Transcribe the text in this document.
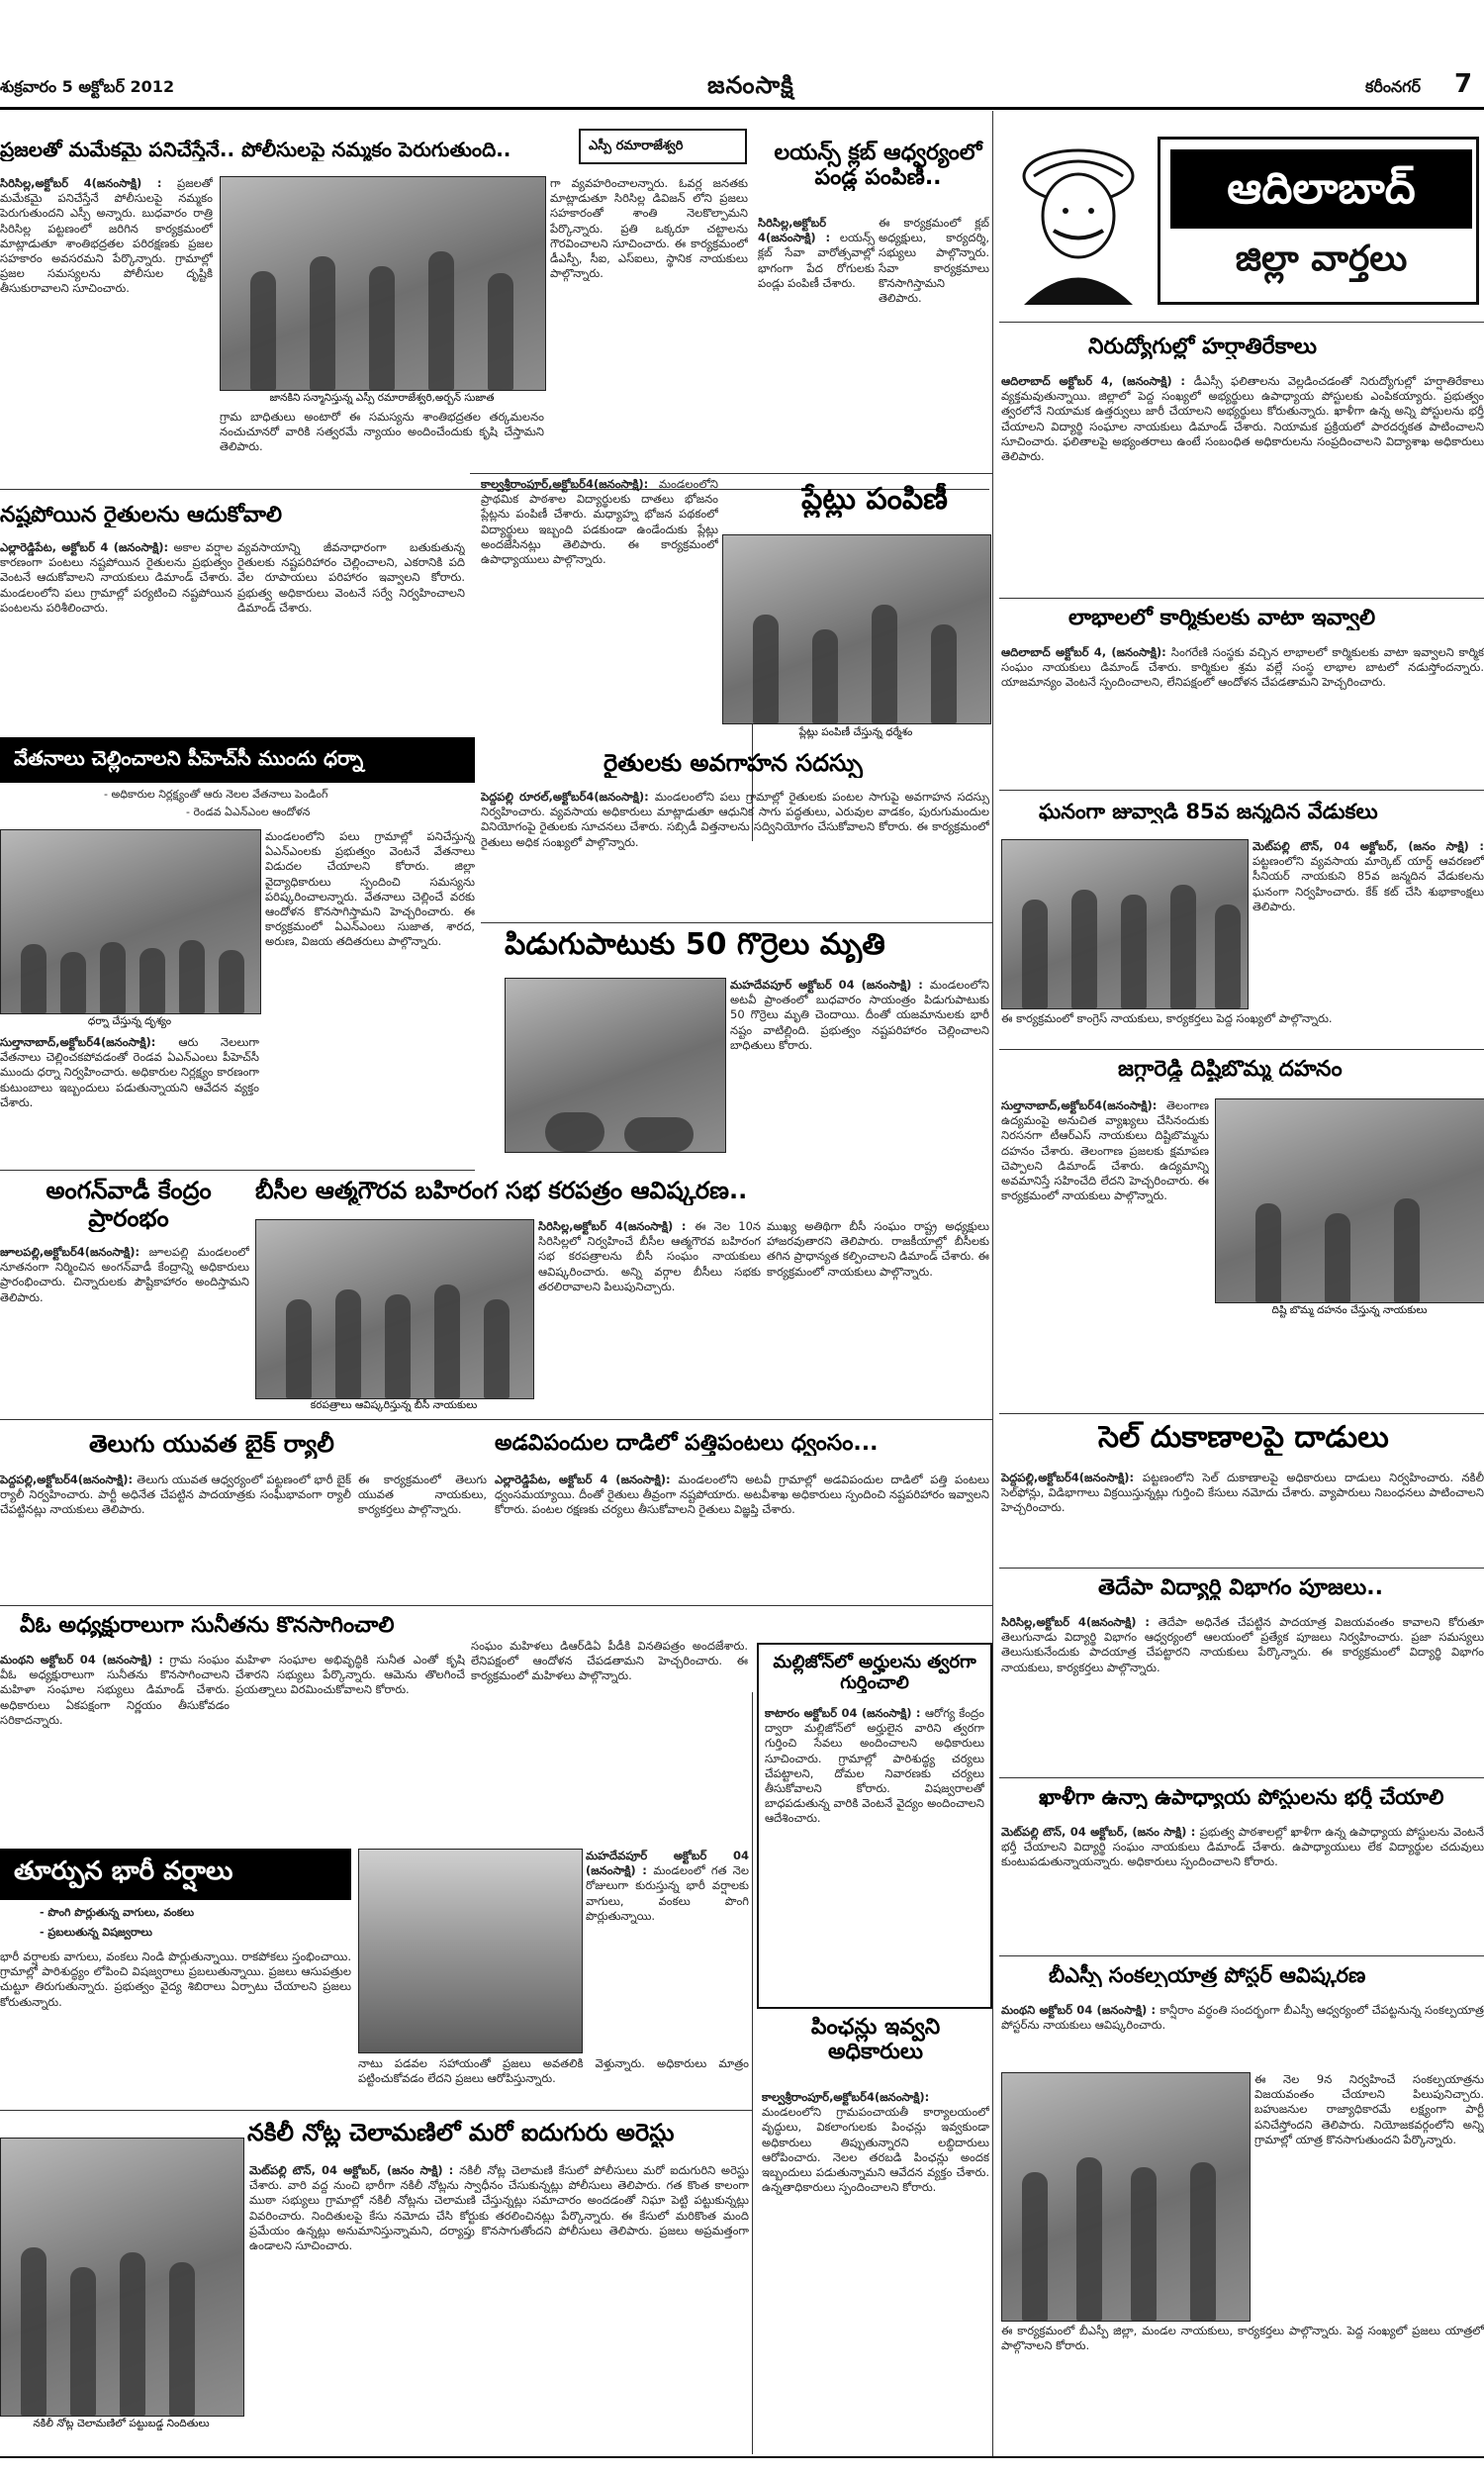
శుక్రవారం 5 అక్టోబర్ 2012	జనంసాక్షి	కరీంనగర్ 7
ప్రజలతో మమేకమై పనిచేస్తేనే.. పోలీసులపై నమ్మకం పెరుగుతుంది..	ఎస్పీ రమారాజేశ్వరి
సిరిసిల్ల,అక్టోబర్ 4(జనంసాక్షి) : ప్రజలతో మమేకమై పనిచేస్తేనే పోలీసులపై నమ్మకం పెరుగుతుందని ఎస్పీ అన్నారు. బుధవారం రాత్రి సిరిసిల్ల పట్టణంలో జరిగిన కార్యక్రమంలో మాట్లాడుతూ శాంతిభద్రతల పరిరక్షణకు ప్రజల సహకారం అవసరమని పేర్కొన్నారు. గ్రామాల్లో ప్రజల సమస్యలను పోలీసుల దృష్టికి తీసుకురావాలని సూచించారు.
జానకిని సన్మానిస్తున్న ఎస్పీ రమారాజేశ్వరి,అర్బన్ సుజాత
గా వ్యవహరించాలన్నారు. ఓవర్ల జనతకు మాట్లాడుతూ సిరిసిల్ల డివిజన్ లోని ప్రజలు సహకారంతో శాంతి నెలకొల్పామని పేర్కొన్నారు. ప్రతి ఒక్కరూ చట్టాలను గౌరవించాలని సూచించారు. ఈ కార్యక్రమంలో డీఎస్పీ, సీఐ, ఎస్ఐలు, స్థానిక నాయకులు పాల్గొన్నారు.
గ్రామ బాధితులు అంటారో ఈ సమస్యను శాంతిభద్రతల తర్కమలనం నంచుచూనరో వారికి సత్వరమే న్యాయం అందించేందుకు కృషి చేస్తామని తెలిపారు.
నష్టపోయిన రైతులను ఆదుకోవాలి
ఎల్లారెడ్డిపేట, అక్టోబర్ 4 (జనంసాక్షి): అకాల వర్షాల కారణంగా పంటలు నష్టపోయిన రైతులను ప్రభుత్వం వెంటనే ఆదుకోవాలని నాయకులు డిమాండ్ చేశారు. మండలంలోని పలు గ్రామాల్లో పర్యటించి నష్టపోయిన పంటలను పరిశీలించారు.
వ్యవసాయాన్ని జీవనాధారంగా బతుకుతున్న రైతులకు నష్టపరిహారం చెల్లించాలని, ఎకరానికి పది వేల రూపాయలు పరిహారం ఇవ్వాలని కోరారు. ప్రభుత్వ అధికారులు వెంటనే సర్వే నిర్వహించాలని డిమాండ్ చేశారు.
వేతనాలు చెల్లించాలని పీహెచ్‌సీ ముందు ధర్నా
- అధికారుల నిర్లక్ష్యంతో ఆరు నెలల వేతనాలు పెండింగ్
- రెండవ ఏఎన్ఎంల ఆందోళన
ధర్నా చేస్తున్న దృశ్యం
సుల్తానాబాద్,అక్టోబర్4(జనంసాక్షి): ఆరు నెలలుగా వేతనాలు చెల్లించకపోవడంతో రెండవ ఏఎన్ఎంలు పీహెచ్‌సీ ముందు ధర్నా నిర్వహించారు. అధికారుల నిర్లక్ష్యం కారణంగా కుటుంబాలు ఇబ్బందులు పడుతున్నాయని ఆవేదన వ్యక్తం చేశారు.
మండలంలోని పలు గ్రామాల్లో పనిచేస్తున్న ఏఎన్ఎంలకు ప్రభుత్వం వెంటనే వేతనాలు విడుదల చేయాలని కోరారు. జిల్లా వైద్యాధికారులు స్పందించి సమస్యను పరిష్కరించాలన్నారు. వేతనాలు చెల్లించే వరకు ఆందోళన కొనసాగిస్తామని హెచ్చరించారు. ఈ కార్యక్రమంలో ఏఎన్ఎంలు సుజాత, శారద, అరుణ, విజయ తదితరులు పాల్గొన్నారు.
కాల్వశ్రీరాంపూర్,అక్టోబర్4(జనంసాక్షి): మండలంలోని ప్రాథమిక పాఠశాల విద్యార్థులకు దాతలు భోజనం ప్లేట్లను పంపిణీ చేశారు. మధ్యాహ్న భోజన పథకంలో విద్యార్థులు ఇబ్బంది పడకుండా ఉండేందుకు ప్లేట్లు అందజేసినట్లు తెలిపారు. ఈ కార్యక్రమంలో ఉపాధ్యాయులు పాల్గొన్నారు.
లయన్స్ క్లబ్ ఆధ్వర్యంలో పండ్ల పంపిణీ..
సిరిసిల్ల,అక్టోబర్ 4(జనంసాక్షి) : లయన్స్ క్లబ్ సేవా వారోత్సవాల్లో భాగంగా పేద రోగులకు పండ్లు పంపిణీ చేశారు.
ఈ కార్యక్రమంలో క్లబ్ అధ్యక్షులు, కార్యదర్శి, సభ్యులు పాల్గొన్నారు. సేవా కార్యక్రమాలు కొనసాగిస్తామని తెలిపారు.
ప్లేట్లు పంపిణీ
ప్లేట్లు పంపిణీ చేస్తున్న ధర్మేశం
రైతులకు అవగాహన సదస్సు
పెద్దపల్లి రూరల్,అక్టోబర్4(జనంసాక్షి): మండలంలోని పలు గ్రామాల్లో రైతులకు పంటల సాగుపై అవగాహన సదస్సు నిర్వహించారు. వ్యవసాయ అధికారులు మాట్లాడుతూ ఆధునిక సాగు పద్ధతులు, ఎరువుల వాడకం, పురుగుమందుల వినియోగంపై రైతులకు సూచనలు చేశారు. సబ్సిడీ విత్తనాలను సద్వినియోగం చేసుకోవాలని కోరారు. ఈ కార్యక్రమంలో రైతులు అధిక సంఖ్యలో పాల్గొన్నారు.
పిడుగుపాటుకు 50 గొర్రెలు మృతి
మహదేవపూర్ అక్టోబర్ 04 (జనంసాక్షి) : మండలంలోని అటవీ ప్రాంతంలో బుధవారం సాయంత్రం పిడుగుపాటుకు 50 గొర్రెలు మృతి చెందాయి. దీంతో యజమానులకు భారీ నష్టం వాటిల్లింది. ప్రభుత్వం నష్టపరిహారం చెల్లించాలని బాధితులు కోరారు.
అంగన్‌వాడీ కేంద్రం ప్రారంభం
జూలపల్లి,అక్టోబర్4(జనంసాక్షి): జూలపల్లి మండలంలో నూతనంగా నిర్మించిన అంగన్‌వాడీ కేంద్రాన్ని అధికారులు ప్రారంభించారు. చిన్నారులకు పౌష్టికాహారం అందిస్తామని తెలిపారు.
బీసీల ఆత్మగౌరవ బహిరంగ సభ కరపత్రం ఆవిష్కరణ..
కరపత్రాలు ఆవిష్కరిస్తున్న బీసీ నాయకులు
సిరిసిల్ల,అక్టోబర్ 4(జనంసాక్షి) : ఈ నెల 10న సిరిసిల్లలో నిర్వహించే బీసీల ఆత్మగౌరవ బహిరంగ సభ కరపత్రాలను బీసీ సంఘం నాయకులు ఆవిష్కరించారు. అన్ని వర్గాల బీసీలు సభకు తరలిరావాలని పిలుపునిచ్చారు.
ముఖ్య అతిథిగా బీసీ సంఘం రాష్ట్ర అధ్యక్షులు హాజరవుతారని తెలిపారు. రాజకీయాల్లో బీసీలకు తగిన ప్రాధాన్యత కల్పించాలని డిమాండ్ చేశారు. ఈ కార్యక్రమంలో నాయకులు పాల్గొన్నారు.
తెలుగు యువత బైక్ ర్యాలీ
పెద్దపల్లి,అక్టోబర్4(జనంసాక్షి): తెలుగు యువత ఆధ్వర్యంలో పట్టణంలో భారీ బైక్ ర్యాలీ నిర్వహించారు. పార్టీ అధినేత చేపట్టిన పాదయాత్రకు సంఘీభావంగా ర్యాలీ చేపట్టినట్లు నాయకులు తెలిపారు.
ఈ కార్యక్రమంలో తెలుగు యువత నాయకులు, కార్యకర్తలు పాల్గొన్నారు.
అడవిపందుల దాడిలో పత్తిపంటలు ధ్వంసం...
ఎల్లారెడ్డిపేట, అక్టోబర్ 4 (జనంసాక్షి): మండలంలోని అటవీ గ్రామాల్లో అడవిపందుల దాడిలో పత్తి పంటలు ధ్వంసమయ్యాయి. దీంతో రైతులు తీవ్రంగా నష్టపోయారు. అటవీశాఖ అధికారులు స్పందించి నష్టపరిహారం ఇవ్వాలని కోరారు. పంటల రక్షణకు చర్యలు తీసుకోవాలని రైతులు విజ్ఞప్తి చేశారు.
వీఓ అధ్యక్షురాలుగా సునీతను కొనసాగించాలి
మంథని అక్టోబర్ 04 (జనంసాక్షి) : గ్రామ సంఘం వీఓ అధ్యక్షురాలుగా సునీతను కొనసాగించాలని మహిళా సంఘాల సభ్యులు డిమాండ్ చేశారు. అధికారులు ఏకపక్షంగా నిర్ణయం తీసుకోవడం సరికాదన్నారు.
మహిళా సంఘాల అభివృద్ధికి సునీత ఎంతో కృషి చేశారని సభ్యులు పేర్కొన్నారు. ఆమెను తొలగించే ప్రయత్నాలు విరమించుకోవాలని కోరారు.
సంఘం మహిళలు డిఆర్‌డిఏ పీడీకి వినతిపత్రం అందజేశారు. లేనిపక్షంలో ఆందోళన చేపడతామని హెచ్చరించారు. ఈ కార్యక్రమంలో మహిళలు పాల్గొన్నారు.
మల్లిజోన్‌లో అర్హులను త్వరగా గుర్తించాలి
కాటారం అక్టోబర్ 04 (జనంసాక్షి) : ఆరోగ్య కేంద్రం ద్వారా మల్లిజోన్‌లో అర్హులైన వారిని త్వరగా గుర్తించి సేవలు అందించాలని అధికారులు సూచించారు. గ్రామాల్లో పారిశుద్ధ్య చర్యలు చేపట్టాలని, దోమల నివారణకు చర్యలు తీసుకోవాలని కోరారు. విషజ్వరాలతో బాధపడుతున్న వారికి వెంటనే వైద్యం అందించాలని ఆదేశించారు.
తూర్పున భారీ వర్షాలు
- పొంగి పొర్లుతున్న వాగులు, వంకలు
- ప్రబలుతున్న విషజ్వరాలు
మహదేవపూర్ అక్టోబర్ 04 (జనంసాక్షి) : మండలంలో గత నెల రోజులుగా కురుస్తున్న భారీ వర్షాలకు వాగులు, వంకలు పొంగి పొర్లుతున్నాయి.
భారీ వర్షాలకు వాగులు, వంకలు నిండి పొర్లుతున్నాయి. రాకపోకలు స్తంభించాయి. గ్రామాల్లో పారిశుద్ధ్యం లోపించి విషజ్వరాలు ప్రబలుతున్నాయి. ప్రజలు ఆసుపత్రుల చుట్టూ తిరుగుతున్నారు. ప్రభుత్వం వైద్య శిబిరాలు ఏర్పాటు చేయాలని ప్రజలు కోరుతున్నారు.
నాటు పడవల సహాయంతో ప్రజలు అవతలికి వెళ్తున్నారు. అధికారులు మాత్రం పట్టించుకోవడం లేదని ప్రజలు ఆరోపిస్తున్నారు.
పింఛన్లు ఇవ్వని అధికారులు
కాల్వశ్రీరాంపూర్,అక్టోబర్4(జనంసాక్షి): మండలంలోని గ్రామపంచాయతీ కార్యాలయంలో వృద్ధులు, వికలాంగులకు పింఛన్లు ఇవ్వకుండా అధికారులు తిప్పుతున్నారని లబ్ధిదారులు ఆరోపించారు. నెలల తరబడి పింఛన్లు అందక ఇబ్బందులు పడుతున్నామని ఆవేదన వ్యక్తం చేశారు. ఉన్నతాధికారులు స్పందించాలని కోరారు.
నకిలీ నోట్ల చెలామణిలో మరో ఐదుగురు అరెస్టు
నకిలీ నోట్ల చెలామణిలో పట్టుబడ్డ నిందితులు
మెట్‌పల్లి టౌన్, 04 అక్టోబర్, (జనం సాక్షి) : నకిలీ నోట్ల చెలామణి కేసులో పోలీసులు మరో ఐదుగురిని అరెస్టు చేశారు. వారి వద్ద నుంచి భారీగా నకిలీ నోట్లను స్వాధీనం చేసుకున్నట్లు పోలీసులు తెలిపారు. గత కొంత కాలంగా ముఠా సభ్యులు గ్రామాల్లో నకిలీ నోట్లను చెలామణి చేస్తున్నట్లు సమాచారం అందడంతో నిఘా పెట్టి పట్టుకున్నట్లు వివరించారు. నిందితులపై కేసు నమోదు చేసి కోర్టుకు తరలించినట్లు పేర్కొన్నారు. ఈ కేసులో మరికొంత మంది ప్రమేయం ఉన్నట్లు అనుమానిస్తున్నామని, దర్యాప్తు కొనసాగుతోందని పోలీసులు తెలిపారు. ప్రజలు అప్రమత్తంగా ఉండాలని సూచించారు.
ఆదిలాబాద్
జిల్లా వార్తలు
నిరుద్యోగుల్లో హర్షాతిరేకాలు
ఆదిలాబాద్ అక్టోబర్ 4, (జనంసాక్షి) : డీఎస్సీ ఫలితాలను వెల్లడించడంతో నిరుద్యోగుల్లో హర్షాతిరేకాలు వ్యక్తమవుతున్నాయి. జిల్లాలో పెద్ద సంఖ్యలో అభ్యర్థులు ఉపాధ్యాయ పోస్టులకు ఎంపికయ్యారు. ప్రభుత్వం త్వరలోనే నియామక ఉత్తర్వులు జారీ చేయాలని అభ్యర్థులు కోరుతున్నారు. ఖాళీగా ఉన్న అన్ని పోస్టులను భర్తీ చేయాలని విద్యార్థి సంఘాల నాయకులు డిమాండ్ చేశారు. నియామక ప్రక్రియలో పారదర్శకత పాటించాలని సూచించారు. ఫలితాలపై అభ్యంతరాలు ఉంటే సంబంధిత అధికారులను సంప్రదించాలని విద్యాశాఖ అధికారులు తెలిపారు.
లాభాలలో కార్మికులకు వాటా ఇవ్వాలి
ఆదిలాబాద్ అక్టోబర్ 4, (జనంసాక్షి): సింగరేణి సంస్థకు వచ్చిన లాభాలలో కార్మికులకు వాటా ఇవ్వాలని కార్మిక సంఘం నాయకులు డిమాండ్ చేశారు. కార్మికుల శ్రమ వల్లే సంస్థ లాభాల బాటలో నడుస్తోందన్నారు. యాజమాన్యం వెంటనే స్పందించాలని, లేనిపక్షంలో ఆందోళన చేపడతామని హెచ్చరించారు.
ఘనంగా జువ్వాడి 85వ జన్మదిన వేడుకలు
మెట్‌పల్లి టౌన్, 04 అక్టోబర్, (జనం సాక్షి) : పట్టణంలోని వ్యవసాయ మార్కెట్ యార్డ్ ఆవరణలో సీనియర్ నాయకుని 85వ జన్మదిన వేడుకలను ఘనంగా నిర్వహించారు. కేక్ కట్ చేసి శుభాకాంక్షలు తెలిపారు.
ఈ కార్యక్రమంలో కాంగ్రెస్ నాయకులు, కార్యకర్తలు పెద్ద సంఖ్యలో పాల్గొన్నారు.
జగ్గారెడ్డి దిష్టిబొమ్మ దహనం
సుల్తానాబాద్,అక్టోబర్4(జనంసాక్షి): తెలంగాణ ఉద్యమంపై అనుచిత వ్యాఖ్యలు చేసినందుకు నిరసనగా టీఆర్ఎస్ నాయకులు దిష్టిబొమ్మను దహనం చేశారు. తెలంగాణ ప్రజలకు క్షమాపణ చెప్పాలని డిమాండ్ చేశారు. ఉద్యమాన్ని అవమానిస్తే సహించేది లేదని హెచ్చరించారు. ఈ కార్యక్రమంలో నాయకులు పాల్గొన్నారు.
దిష్టి బొమ్మ దహనం చేస్తున్న నాయకులు
సెల్ దుకాణాలపై దాడులు
పెద్దపల్లి,అక్టోబర్4(జనంసాక్షి): పట్టణంలోని సెల్ దుకాణాలపై అధికారులు దాడులు నిర్వహించారు. నకిలీ సెల్‌ఫోన్లు, విడిభాగాలు విక్రయిస్తున్నట్లు గుర్తించి కేసులు నమోదు చేశారు. వ్యాపారులు నిబంధనలు పాటించాలని హెచ్చరించారు.
తెదేపా విద్యార్థి విభాగం పూజలు..
సిరిసిల్ల,అక్టోబర్ 4(జనంసాక్షి) : తెదేపా అధినేత చేపట్టిన పాదయాత్ర విజయవంతం కావాలని కోరుతూ తెలుగునాడు విద్యార్థి విభాగం ఆధ్వర్యంలో ఆలయంలో ప్రత్యేక పూజలు నిర్వహించారు. ప్రజా సమస్యలు తెలుసుకునేందుకు పాదయాత్ర చేపట్టారని నాయకులు పేర్కొన్నారు. ఈ కార్యక్రమంలో విద్యార్థి విభాగం నాయకులు, కార్యకర్తలు పాల్గొన్నారు.
ఖాళీగా ఉన్నా ఉపాధ్యాయ పోస్టులను భర్తీ చేయాలి
మెట్‌పల్లి టౌన్, 04 అక్టోబర్, (జనం సాక్షి) : ప్రభుత్వ పాఠశాలల్లో ఖాళీగా ఉన్న ఉపాధ్యాయ పోస్టులను వెంటనే భర్తీ చేయాలని విద్యార్థి సంఘం నాయకులు డిమాండ్ చేశారు. ఉపాధ్యాయులు లేక విద్యార్థుల చదువులు కుంటుపడుతున్నాయన్నారు. అధికారులు స్పందించాలని కోరారు.
బీఎస్పీ సంకల్పయాత్ర పోస్టర్ ఆవిష్కరణ
మంథని అక్టోబర్ 04 (జనంసాక్షి) : కాన్షీరాం వర్ధంతి సందర్భంగా బీఎస్పీ ఆధ్వర్యంలో చేపట్టనున్న సంకల్పయాత్ర పోస్టర్‌ను నాయకులు ఆవిష్కరించారు.
ఈ నెల 9న నిర్వహించే సంకల్పయాత్రను విజయవంతం చేయాలని పిలుపునిచ్చారు. బహుజనుల రాజ్యాధికారమే లక్ష్యంగా పార్టీ పనిచేస్తోందని తెలిపారు. నియోజకవర్గంలోని అన్ని గ్రామాల్లో యాత్ర కొనసాగుతుందని పేర్కొన్నారు.
ఈ కార్యక్రమంలో బీఎస్పీ జిల్లా, మండల నాయకులు, కార్యకర్తలు పాల్గొన్నారు. పెద్ద సంఖ్యలో ప్రజలు యాత్రలో పాల్గొనాలని కోరారు.
